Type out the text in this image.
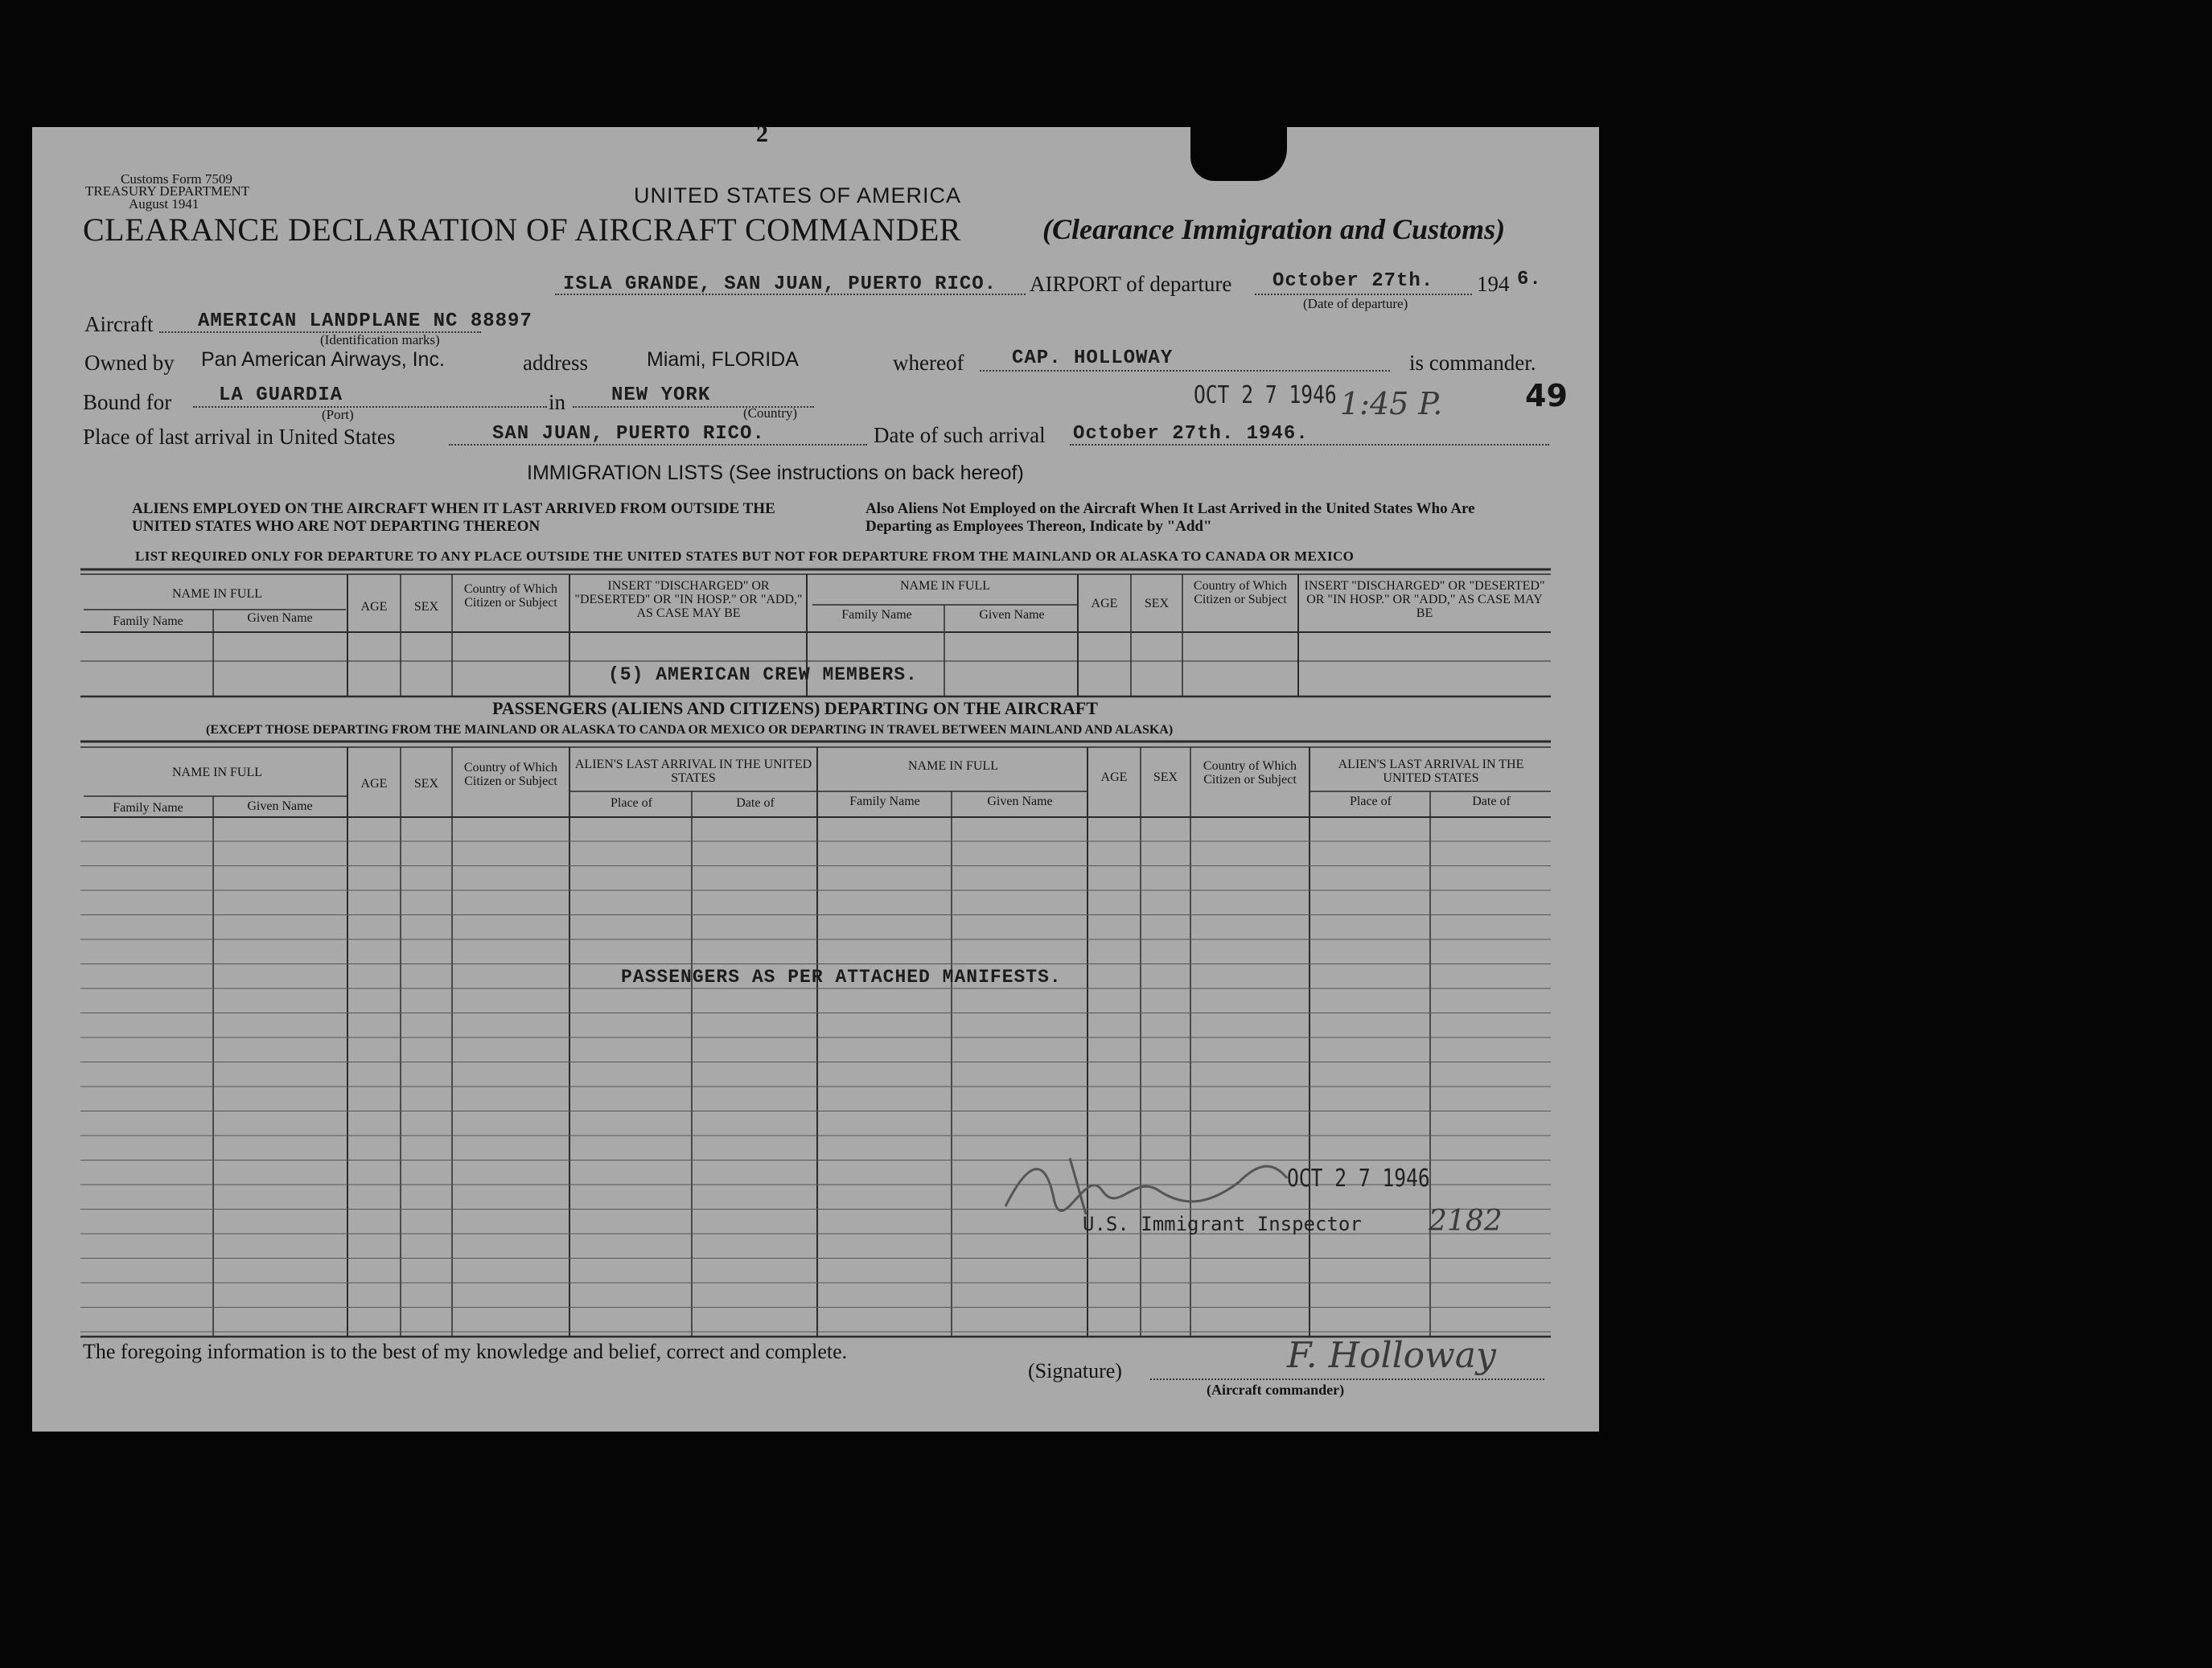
Customs Form 7509
TREASURY DEPARTMENT
August 1941
2
UNITED STATES OF AMERICA
CLEARANCE DECLARATION OF AIRCRAFT COMMANDER	(Clearance Immigration and Customs)
ISLA GRANDE, SAN JUAN, PUERTO RICO. AIRPORT of departure October 27th. 194 6.
(Date of departure)
Aircraft AMERICAN LANDPLANE NC 88897
(Identification marks)
Owned by Pan American Airways, Inc.	address	Miami, FLORIDA	whereof CAP. HOLLOWAY	is commander.
Bound for LA GUARDIA
(Port)
in NEW YORK
(Country)
OCT 2 7 1946 1:45 P.	49
Place of last arrival in United States	SAN JUAN, PUERTO RICO.	Date of such arrival October 27th. 1946.
IMMIGRATION LISTS (See instructions on back hereof)
ALIENS EMPLOYED ON THE AIRCRAFT WHEN IT LAST ARRIVED FROM OUTSIDE THE UNITED STATES WHO ARE NOT DEPARTING THEREON
Also Aliens Not Employed on the Aircraft When It Last Arrived in the United States Who Are Departing as Employees Thereon, Indicate by "Add"
LIST REQUIRED ONLY FOR DEPARTURE TO ANY PLACE OUTSIDE THE UNITED STATES BUT NOT FOR DEPARTURE FROM THE MAINLAND OR ALASKA TO CANADA OR MEXICO
NAME IN FULL
Family Name	Given Name
AGE	SEX
Country of Which Citizen or Subject
INSERT "DISCHARGED" OR "DESERTED" OR "IN HOSP." OR "ADD," AS CASE MAY BE
NAME IN FULL
Family Name	Given Name
AGE	SEX
Country of Which Citizen or Subject
INSERT "DISCHARGED" OR "DESERTED" OR "IN HOSP." OR "ADD," AS CASE MAY BE
(5) AMERICAN CREW MEMBERS.
PASSENGERS (ALIENS AND CITIZENS) DEPARTING ON THE AIRCRAFT
(EXCEPT THOSE DEPARTING FROM THE MAINLAND OR ALASKA TO CANDA OR MEXICO OR DEPARTING IN TRAVEL BETWEEN MAINLAND AND ALASKA)
NAME IN FULL
Family Name	Given Name
AGE	SEX
Country of Which Citizen or Subject
ALIEN'S LAST ARRIVAL IN THE UNITED STATES
Place of	Date of
NAME IN FULL
Family Name	Given Name
AGE	SEX
Country of Which Citizen or Subject
ALIEN'S LAST ARRIVAL IN THE UNITED STATES
Place of	Date of
PASSENGERS AS PER ATTACHED MANIFESTS.
OCT 2 7 1946
U.S. Immigrant Inspector 2182
The foregoing information is to the best of my knowledge and belief, correct and complete.
(Signature)
(Aircraft commander)
F. Holloway
